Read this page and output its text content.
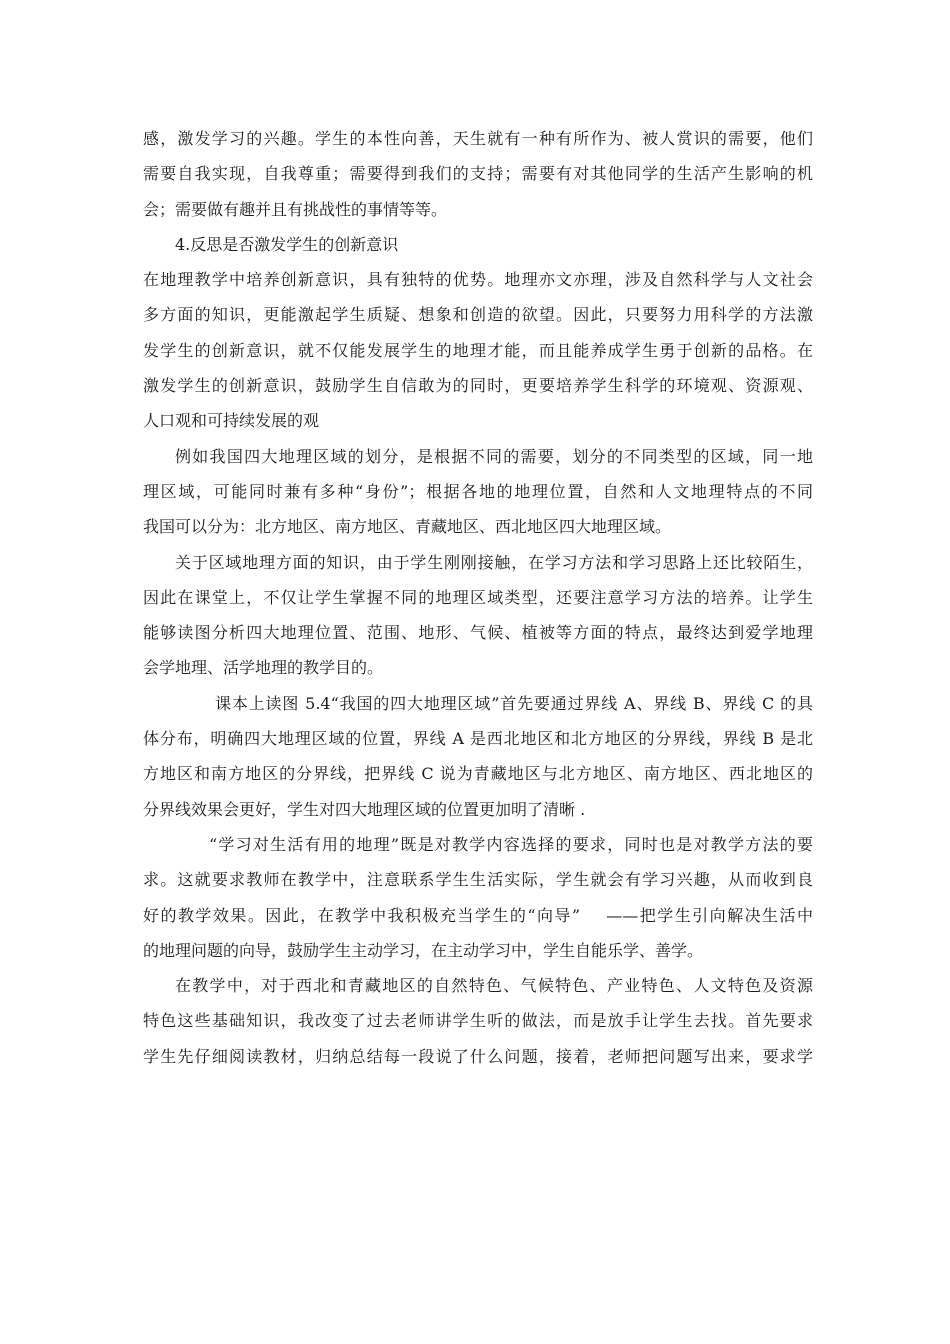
感，激发学习的兴趣。学生的本性向善，天生就有一种有所作为、被人赏识的需要，他们
需要自我实现，自我尊重；需要得到我们的支持；需要有对其他同学的生活产生影响的机
会；需要做有趣并且有挑战性的事情等等。
4.反思是否激发学生的创新意识
在地理教学中培养创新意识，具有独特的优势。地理亦文亦理，涉及自然科学与人文社会
多方面的知识，更能激起学生质疑、想象和创造的欲望。因此，只要努力用科学的方法激
发学生的创新意识，就不仅能发展学生的地理才能，而且能养成学生勇于创新的品格。在
激发学生的创新意识，鼓励学生自信敢为的同时，更要培养学生科学的环境观、资源观、
人口观和可持续发展的观
例如我国四大地理区域的划分，是根据不同的需要，划分的不同类型的区域，同一地
理区域，可能同时兼有多种“身份”；根据各地的地理位置，自然和人文地理特点的不同
我国可以分为：北方地区、南方地区、青藏地区、西北地区四大地理区域。
关于区域地理方面的知识，由于学生刚刚接触，在学习方法和学习思路上还比较陌生，
因此在课堂上，不仅让学生掌握不同的地理区域类型，还要注意学习方法的培养。让学生
能够读图分析四大地理位置、范围、地形、气候、植被等方面的特点，最终达到爱学地理
会学地理、活学地理的教学目的。
课本上读图 5.4“我国的四大地理区域”首先要通过界线 A、界线 B、界线 C 的具
体分布，明确四大地理区域的位置，界线 A 是西北地区和北方地区的分界线，界线 B 是北
方地区和南方地区的分界线，把界线 C 说为青藏地区与北方地区、南方地区、西北地区的
分界线效果会更好，学生对四大地理区域的位置更加明了清晰 .
“学习对生活有用的地理”既是对教学内容选择的要求，同时也是对教学方法的要
求。这就要求教师在教学中，注意联系学生生活实际，学生就会有学习兴趣，从而收到良
好的教学效果。因此，在教学中我积极充当学生的“向导”    ——把学生引向解决生活中
的地理问题的向导，鼓励学生主动学习，在主动学习中，学生自能乐学、善学。
在教学中，对于西北和青藏地区的自然特色、气候特色、产业特色、人文特色及资源
特色这些基础知识，我改变了过去老师讲学生听的做法，而是放手让学生去找。首先要求
学生先仔细阅读教材，归纳总结每一段说了什么问题，接着，老师把问题写出来，要求学
